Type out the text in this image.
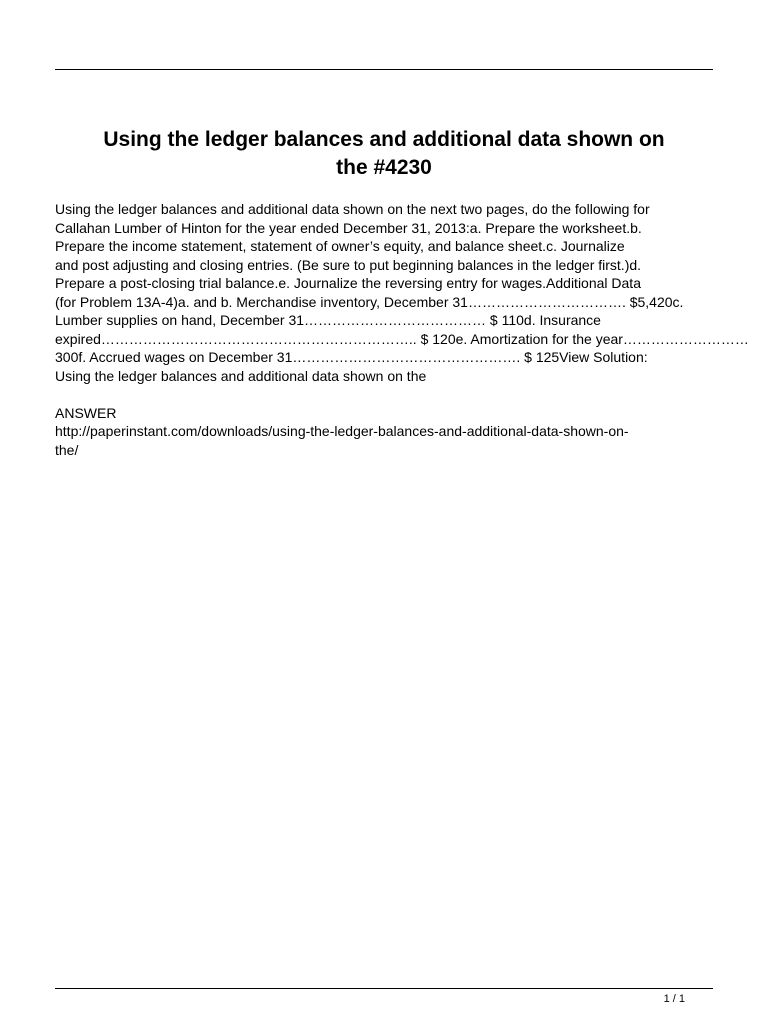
Using the ledger balances and additional data shown on
the #4230
Using the ledger balances and additional data shown on the next two pages, do the following for
Callahan Lumber of Hinton for the year ended December 31, 2013:a. Prepare the worksheet.b.
Prepare the income statement, statement of owner’s equity, and balance sheet.c. Journalize
and post adjusting and closing entries. (Be sure to put beginning balances in the ledger first.)d.
Prepare a post-closing trial balance.e. Journalize the reversing entry for wages.Additional Data
(for Problem 13A-4)a. and b. Merchandise inventory, December 31……………………………. $5,420c.
Lumber supplies on hand, December 31………………………………… $ 110d. Insurance
expired………………………………………………………….. $ 120e. Amortization for the year………………………
300f. Accrued wages on December 31…………………………………………. $ 125View Solution:
Using the ledger balances and additional data shown on the
ANSWER
http://paperinstant.com/downloads/using-the-ledger-balances-and-additional-data-shown-on-
the/
1 / 1
